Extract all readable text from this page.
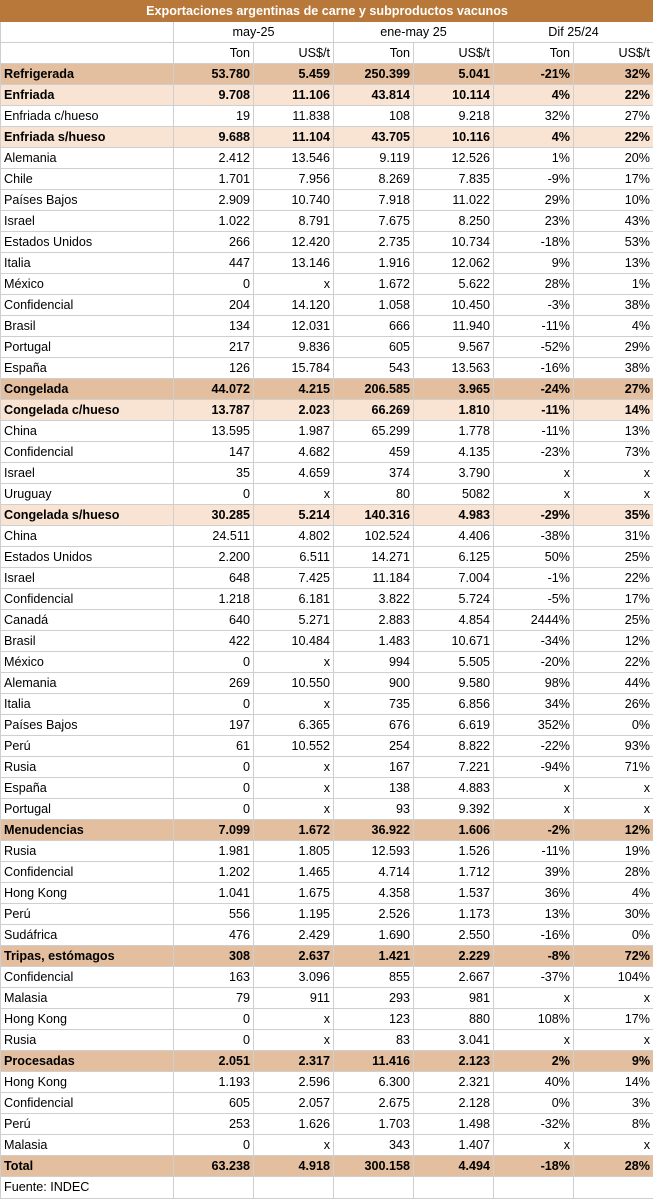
Exportaciones argentinas de carne y subproductos vacunos						
	may-25		ene-may 25		Dif 25/24	
	Ton	US$/t	Ton	US$/t	Ton	US$/t
Refrigerada	53.780	5.459	250.399	5.041	-21%	32%
Enfriada	9.708	11.106	43.814	10.114	4%	22%
Enfriada c/hueso	19	11.838	108	9.218	32%	27%
Enfriada s/hueso	9.688	11.104	43.705	10.116	4%	22%
Alemania	2.412	13.546	9.119	12.526	1%	20%
Chile	1.701	7.956	8.269	7.835	-9%	17%
Países Bajos	2.909	10.740	7.918	11.022	29%	10%
Israel	1.022	8.791	7.675	8.250	23%	43%
Estados Unidos	266	12.420	2.735	10.734	-18%	53%
Italia	447	13.146	1.916	12.062	9%	13%
México	0	x	1.672	5.622	28%	1%
Confidencial	204	14.120	1.058	10.450	-3%	38%
Brasil	134	12.031	666	11.940	-11%	4%
Portugal	217	9.836	605	9.567	-52%	29%
España	126	15.784	543	13.563	-16%	38%
Congelada	44.072	4.215	206.585	3.965	-24%	27%
Congelada c/hueso	13.787	2.023	66.269	1.810	-11%	14%
China	13.595	1.987	65.299	1.778	-11%	13%
Confidencial	147	4.682	459	4.135	-23%	73%
Israel	35	4.659	374	3.790	x	x
Uruguay	0	x	80	5082	x	x
Congelada s/hueso	30.285	5.214	140.316	4.983	-29%	35%
China	24.511	4.802	102.524	4.406	-38%	31%
Estados Unidos	2.200	6.511	14.271	6.125	50%	25%
Israel	648	7.425	11.184	7.004	-1%	22%
Confidencial	1.218	6.181	3.822	5.724	-5%	17%
Canadá	640	5.271	2.883	4.854	2444%	25%
Brasil	422	10.484	1.483	10.671	-34%	12%
México	0	x	994	5.505	-20%	22%
Alemania	269	10.550	900	9.580	98%	44%
Italia	0	x	735	6.856	34%	26%
Países Bajos	197	6.365	676	6.619	352%	0%
Perú	61	10.552	254	8.822	-22%	93%
Rusia	0	x	167	7.221	-94%	71%
España	0	x	138	4.883	x	x
Portugal	0	x	93	9.392	x	x
Menudencias	7.099	1.672	36.922	1.606	-2%	12%
Rusia	1.981	1.805	12.593	1.526	-11%	19%
Confidencial	1.202	1.465	4.714	1.712	39%	28%
Hong Kong	1.041	1.675	4.358	1.537	36%	4%
Perú	556	1.195	2.526	1.173	13%	30%
Sudáfrica	476	2.429	1.690	2.550	-16%	0%
Tripas, estómagos	308	2.637	1.421	2.229	-8%	72%
Confidencial	163	3.096	855	2.667	-37%	104%
Malasia	79	911	293	981	x	x
Hong Kong	0	x	123	880	108%	17%
Rusia	0	x	83	3.041	x	x
Procesadas	2.051	2.317	11.416	2.123	2%	9%
Hong Kong	1.193	2.596	6.300	2.321	40%	14%
Confidencial	605	2.057	2.675	2.128	0%	3%
Perú	253	1.626	1.703	1.498	-32%	8%
Malasia	0	x	343	1.407	x	x
Total	63.238	4.918	300.158	4.494	-18%	28%
Fuente: INDEC						
